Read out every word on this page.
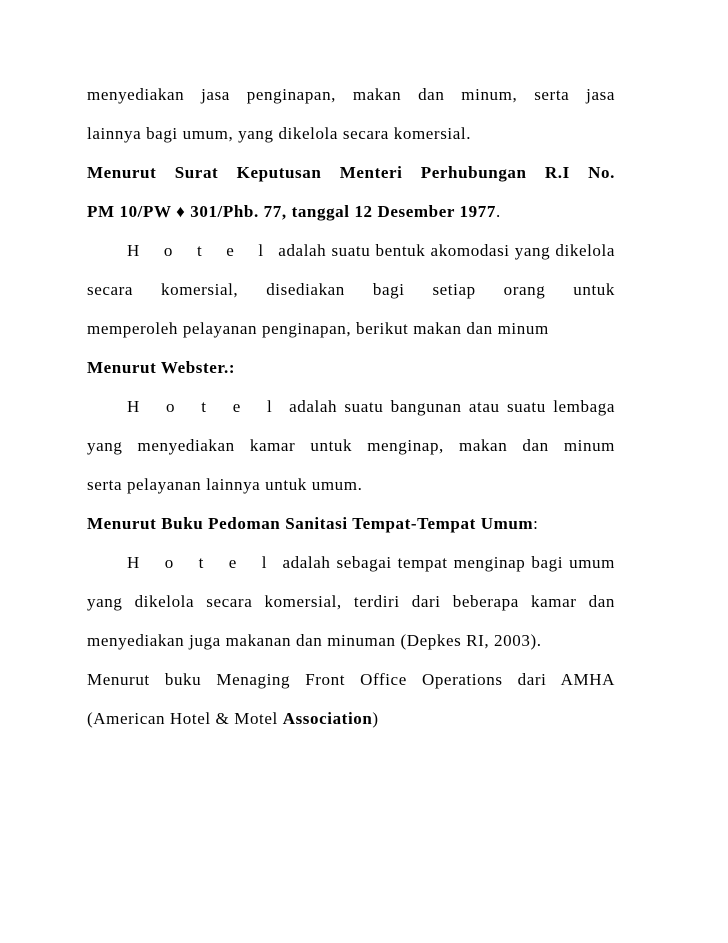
menyediakan jasa penginapan, makan dan minum, serta jasa
lainnya bagi umum, yang dikelola secara komersial.
Menurut Surat Keputusan Menteri Perhubungan R.I No.
PM 10/PW ♦ 301/Phb. 77, tanggal 12 Desember 1977.
H o t e l adalah suatu bentuk akomodasi yang dikelola
secara komersial, disediakan bagi setiap orang untuk
memperoleh pelayanan penginapan, berikut makan dan minum
Menurut Webster.:
H o t e l adalah suatu bangunan atau suatu lembaga
yang menyediakan kamar untuk menginap, makan dan minum
serta pelayanan lainnya untuk umum.
Menurut Buku Pedoman Sanitasi Tempat-Tempat Umum:
H o t e l adalah sebagai tempat menginap bagi umum
yang dikelola secara komersial, terdiri dari beberapa kamar dan
menyediakan juga makanan dan minuman (Depkes RI, 2003).
Menurut buku Menaging Front Office Operations dari AMHA
(American Hotel & Motel Association)
